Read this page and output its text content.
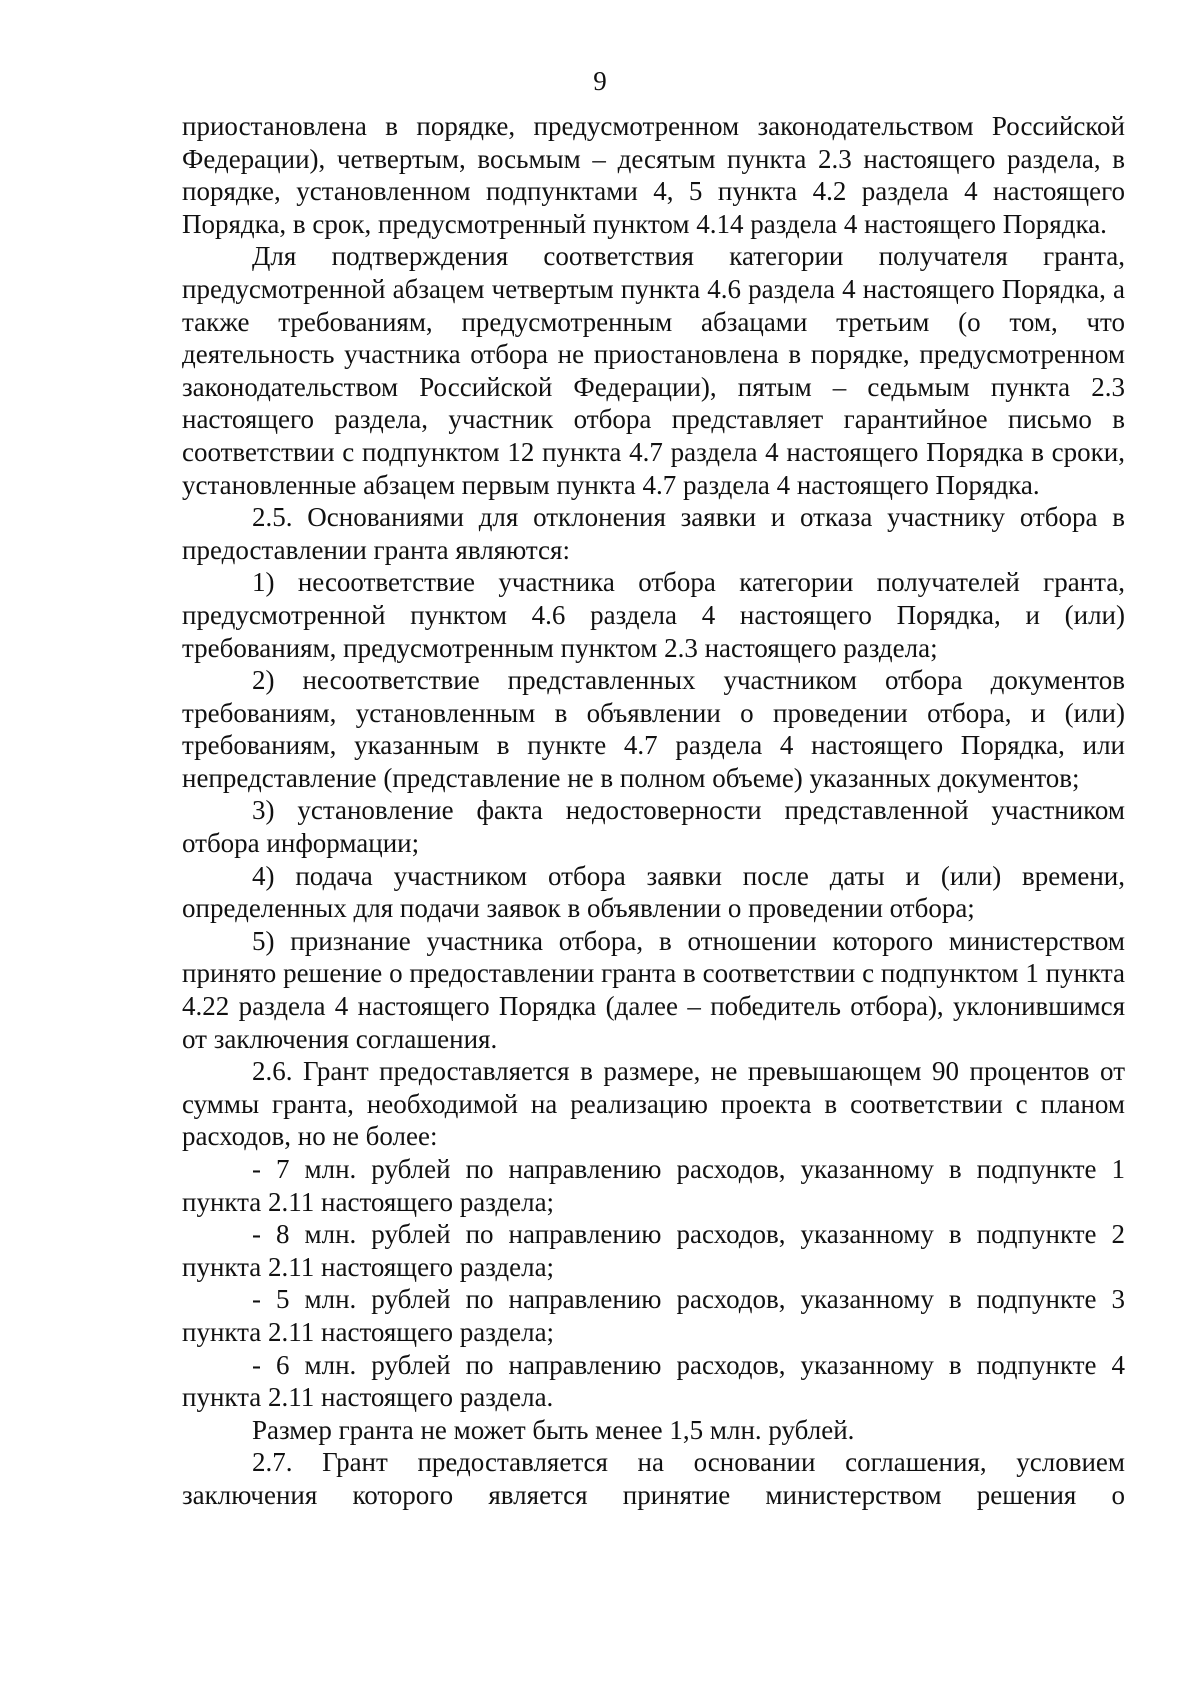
9

приостановлена в порядке, предусмотренном законодательством Российской Федерации), четвертым, восьмым – десятым пункта 2.3 настоящего раздела, в порядке, установленном подпунктами 4, 5 пункта 4.2 раздела 4 настоящего Порядка, в срок, предусмотренный пунктом 4.14 раздела 4 настоящего Порядка.

Для подтверждения соответствия категории получателя гранта, предусмотренной абзацем четвертым пункта 4.6 раздела 4 настоящего Порядка, а также требованиям, предусмотренным абзацами третьим (о том, что деятельность участника отбора не приостановлена в порядке, предусмотренном законодательством Российской Федерации), пятым – седьмым пункта 2.3 настоящего раздела, участник отбора представляет гарантийное письмо в соответствии с подпунктом 12 пункта 4.7 раздела 4 настоящего Порядка в сроки, установленные абзацем первым пункта 4.7 раздела 4 настоящего Порядка.

2.5. Основаниями для отклонения заявки и отказа участнику отбора в предоставлении гранта являются:

1) несоответствие участника отбора категории получателей гранта, предусмотренной пунктом 4.6 раздела 4 настоящего Порядка, и (или) требованиям, предусмотренным пунктом 2.3 настоящего раздела;

2) несоответствие представленных участником отбора документов требованиям, установленным в объявлении о проведении отбора, и (или) требованиям, указанным в пункте 4.7 раздела 4 настоящего Порядка, или непредставление (представление не в полном объеме) указанных документов;

3) установление факта недостоверности представленной участником отбора информации;

4) подача участником отбора заявки после даты и (или) времени, определенных для подачи заявок в объявлении о проведении отбора;

5) признание участника отбора, в отношении которого министерством принято решение о предоставлении гранта в соответствии с подпунктом 1 пункта 4.22 раздела 4 настоящего Порядка (далее – победитель отбора), уклонившимся от заключения соглашения.

2.6. Грант предоставляется в размере, не превышающем 90 процентов от суммы гранта, необходимой на реализацию проекта в соответствии с планом расходов, но не более:

- 7 млн. рублей по направлению расходов, указанному в подпункте 1 пункта 2.11 настоящего раздела;

- 8 млн. рублей по направлению расходов, указанному в подпункте 2 пункта 2.11 настоящего раздела;

- 5 млн. рублей по направлению расходов, указанному в подпункте 3 пункта 2.11 настоящего раздела;

- 6 млн. рублей по направлению расходов, указанному в подпункте 4 пункта 2.11 настоящего раздела.

Размер гранта не может быть менее 1,5 млн. рублей.

2.7. Грант предоставляется на основании соглашения, условием заключения которого является принятие министерством решения о
